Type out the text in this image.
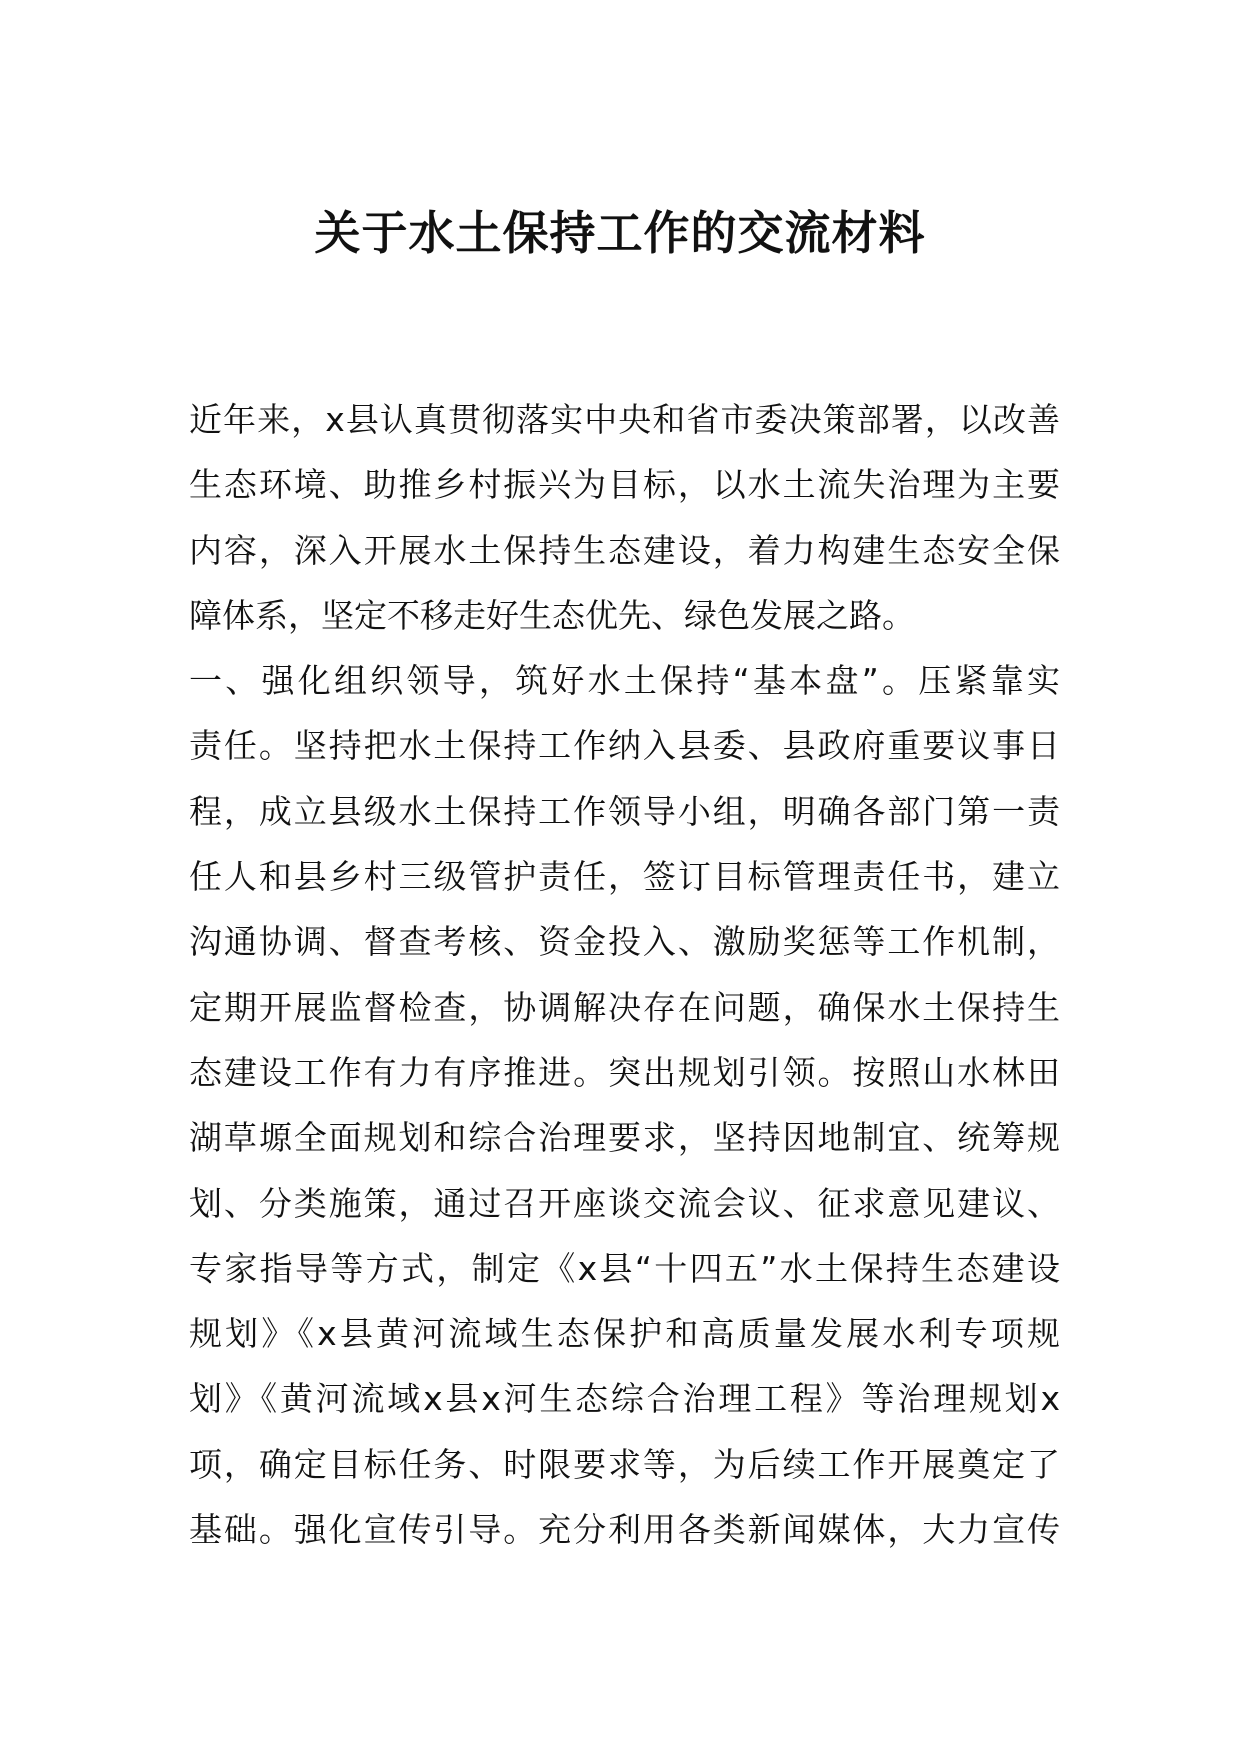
关于水土保持工作的交流材料
近年来，x县认真贯彻落实中央和省市委决策部署，以改善
生态环境、助推乡村振兴为目标，以水土流失治理为主要
内容，深入开展水土保持生态建设，着力构建生态安全保
障体系，坚定不移走好生态优先、绿色发展之路。
一、强化组织领导，筑好水土保持“基本盘”。压紧靠实
责任。坚持把水土保持工作纳入县委、县政府重要议事日
程，成立县级水土保持工作领导小组，明确各部门第一责
任人和县乡村三级管护责任，签订目标管理责任书，建立
沟通协调、督查考核、资金投入、激励奖惩等工作机制，
定期开展监督检查，协调解决存在问题，确保水土保持生
态建设工作有力有序推进。突出规划引领。按照山水林田
湖草塬全面规划和综合治理要求，坚持因地制宜、统筹规
划、分类施策，通过召开座谈交流会议、征求意见建议、
专家指导等方式，制定《x县“十四五”水土保持生态建设
规划》《x县黄河流域生态保护和高质量发展水利专项规
划》《黄河流域x县x河生态综合治理工程》等治理规划x
项，确定目标任务、时限要求等，为后续工作开展奠定了
基础。强化宣传引导。充分利用各类新闻媒体，大力宣传
